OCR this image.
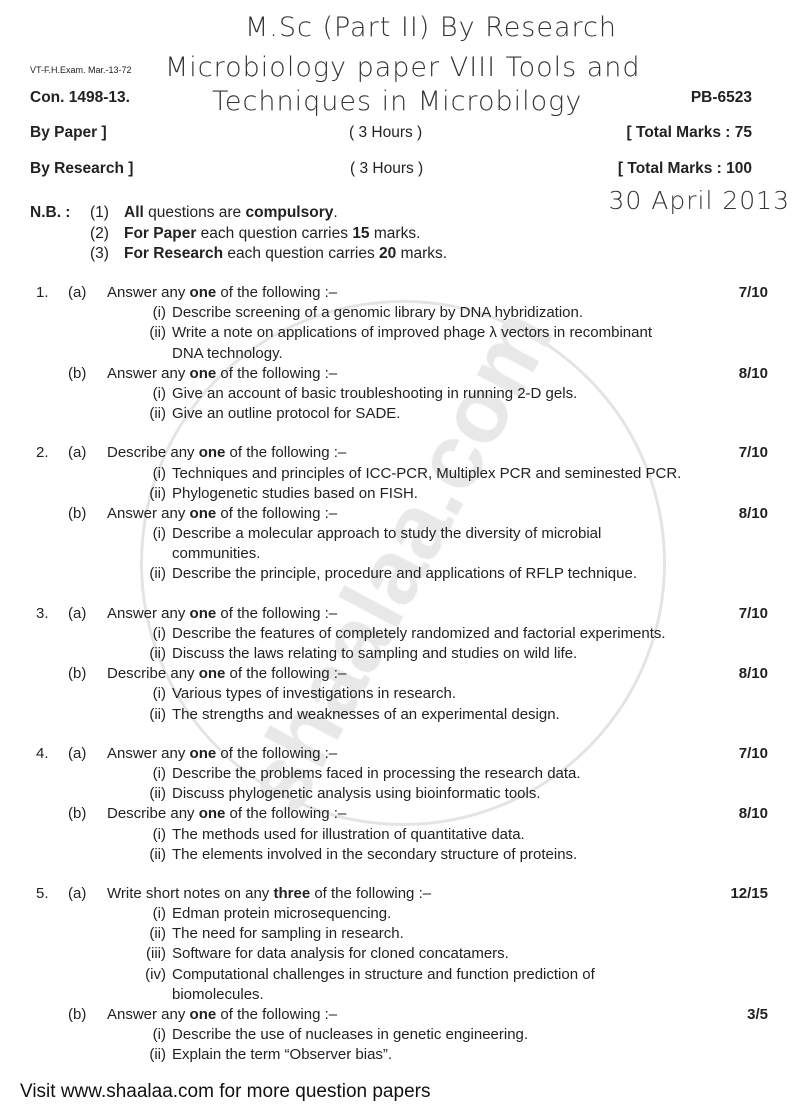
M.Sc (Part II) By Research
Microbiology paper VIII Tools and
Techniques in Microbilogy
30 April 2013
VT-F.H.Exam. Mar.-13-72
Con. 1498-13.	PB-6523
By Paper ]	( 3 Hours )	[ Total Marks : 75
By Research ]	( 3 Hours )	[ Total Marks : 100
N.B. : (1) All questions are compulsory.
(2) For Paper each question carries 15 marks.
(3) For Research each question carries 20 marks.
1. (a) Answer any one of the following :–	7/10
(i) Describe screening of a genomic library by DNA hybridization.
(ii) Write a note on applications of improved phage λ vectors in recombinant
DNA technology.
(b) Answer any one of the following :–	8/10
(i) Give an account of basic troubleshooting in running 2-D gels.
(ii) Give an outline protocol for SADE.
2. (a) Describe any one of the following :–	7/10
(i) Techniques and principles of ICC-PCR, Multiplex PCR and seminested PCR.
(ii) Phylogenetic studies based on FISH.
(b) Answer any one of the following :–	8/10
(i) Describe a molecular approach to study the diversity of microbial
communities.
(ii) Describe the principle, procedure and applications of RFLP technique.
3. (a) Answer any one of the following :–	7/10
(i) Describe the features of completely randomized and factorial experiments.
(ii) Discuss the laws relating to sampling and studies on wild life.
(b) Describe any one of the following :–	8/10
(i) Various types of investigations in research.
(ii) The strengths and weaknesses of an experimental design.
4. (a) Answer any one of the following :–	7/10
(i) Describe the problems faced in processing the research data.
(ii) Discuss phylogenetic analysis using bioinformatic tools.
(b) Describe any one of the following :–	8/10
(i) The methods used for illustration of quantitative data.
(ii) The elements involved in the secondary structure of proteins.
5. (a) Write short notes on any three of the following :–	12/15
(i) Edman protein microsequencing.
(ii) The need for sampling in research.
(iii) Software for data analysis for cloned concatamers.
(iv) Computational challenges in structure and function prediction of
biomolecules.
(b) Answer any one of the following :–	3/5
(i) Describe the use of nucleases in genetic engineering.
(ii) Explain the term “Observer bias”.
Visit www.shaalaa.com for more question papers
